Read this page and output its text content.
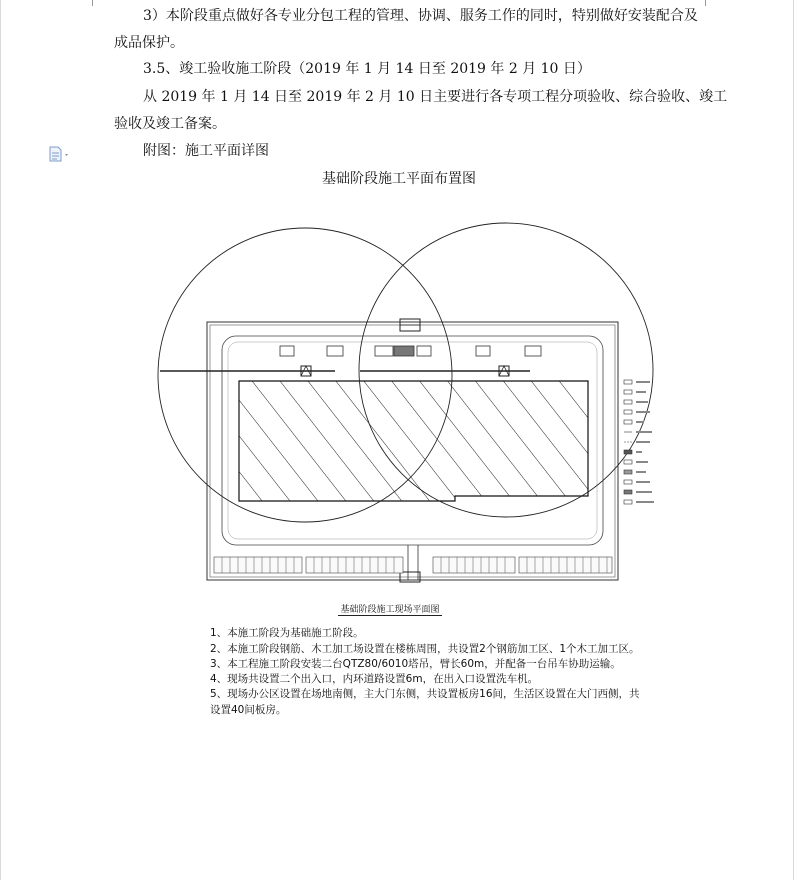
3）本阶段重点做好各专业分包工程的管理、协调、服务工作的同时，特别做好安装配合及
成品保护。
3.5、竣工验收施工阶段（2019 年 1 月 14 日至 2019 年 2 月 10 日）
从 2019 年 1 月 14 日至 2019 年 2 月 10 日主要进行各专项工程分项验收、综合验收、竣工
验收及竣工备案。
附图：施工平面详图
基础阶段施工平面布置图
基础阶段施工现场平面图
1、本施工阶段为基础施工阶段。
2、本施工阶段钢筋、木工加工场设置在楼栋周围，共设置2个钢筋加工区、1个木工加工区。
3、本工程施工阶段安装二台QTZ80/6010塔吊，臂长60m，并配备一台吊车协助运输。
4、现场共设置二个出入口，内环道路设置6m，在出入口设置洗车机。
5、现场办公区设置在场地南侧，主大门东侧，共设置板房16间，生活区设置在大门西侧，共
设置40间板房。
